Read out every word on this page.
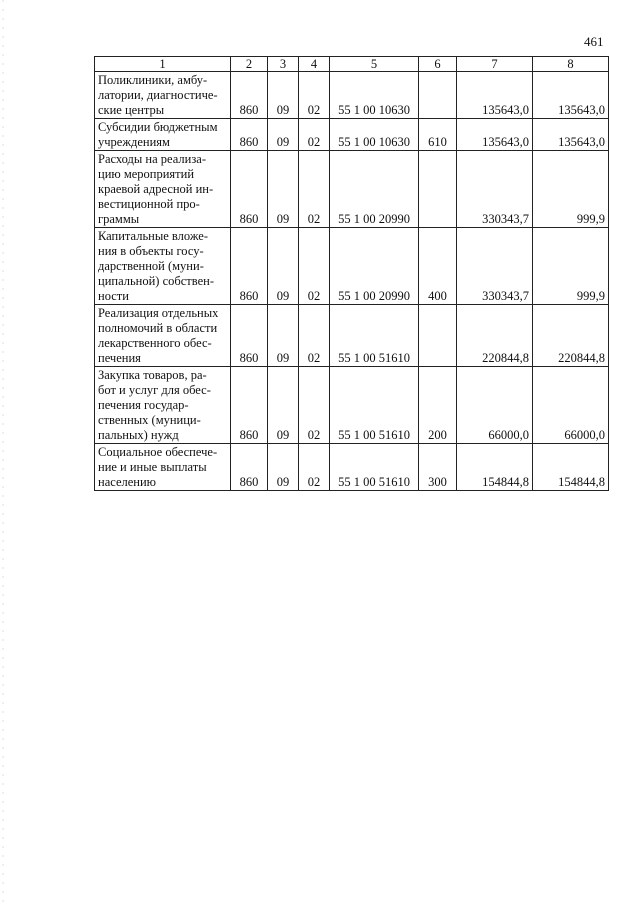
461
1	2	3	4	5	6	7	8
Поликлиники, амбу-
латории, диагностиче-
ские центры	860	09	02	55 1 00 10630		135643,0	135643,0
Субсидии бюджетным
учреждениям	860	09	02	55 1 00 10630	610	135643,0	135643,0
Расходы на реализа-
цию мероприятий
краевой адресной ин-
вестиционной про-
граммы	860	09	02	55 1 00 20990		330343,7	999,9
Капитальные вложе-
ния в объекты госу-
дарственной (муни-
ципальной) собствен-
ности	860	09	02	55 1 00 20990	400	330343,7	999,9
Реализация отдельных
полномочий в области
лекарственного обес-
печения	860	09	02	55 1 00 51610		220844,8	220844,8
Закупка товаров, ра-
бот и услуг для обес-
печения государ-
ственных (муници-
пальных) нужд	860	09	02	55 1 00 51610	200	66000,0	66000,0
Социальное обеспече-
ние и иные выплаты
населению	860	09	02	55 1 00 51610	300	154844,8	154844,8
